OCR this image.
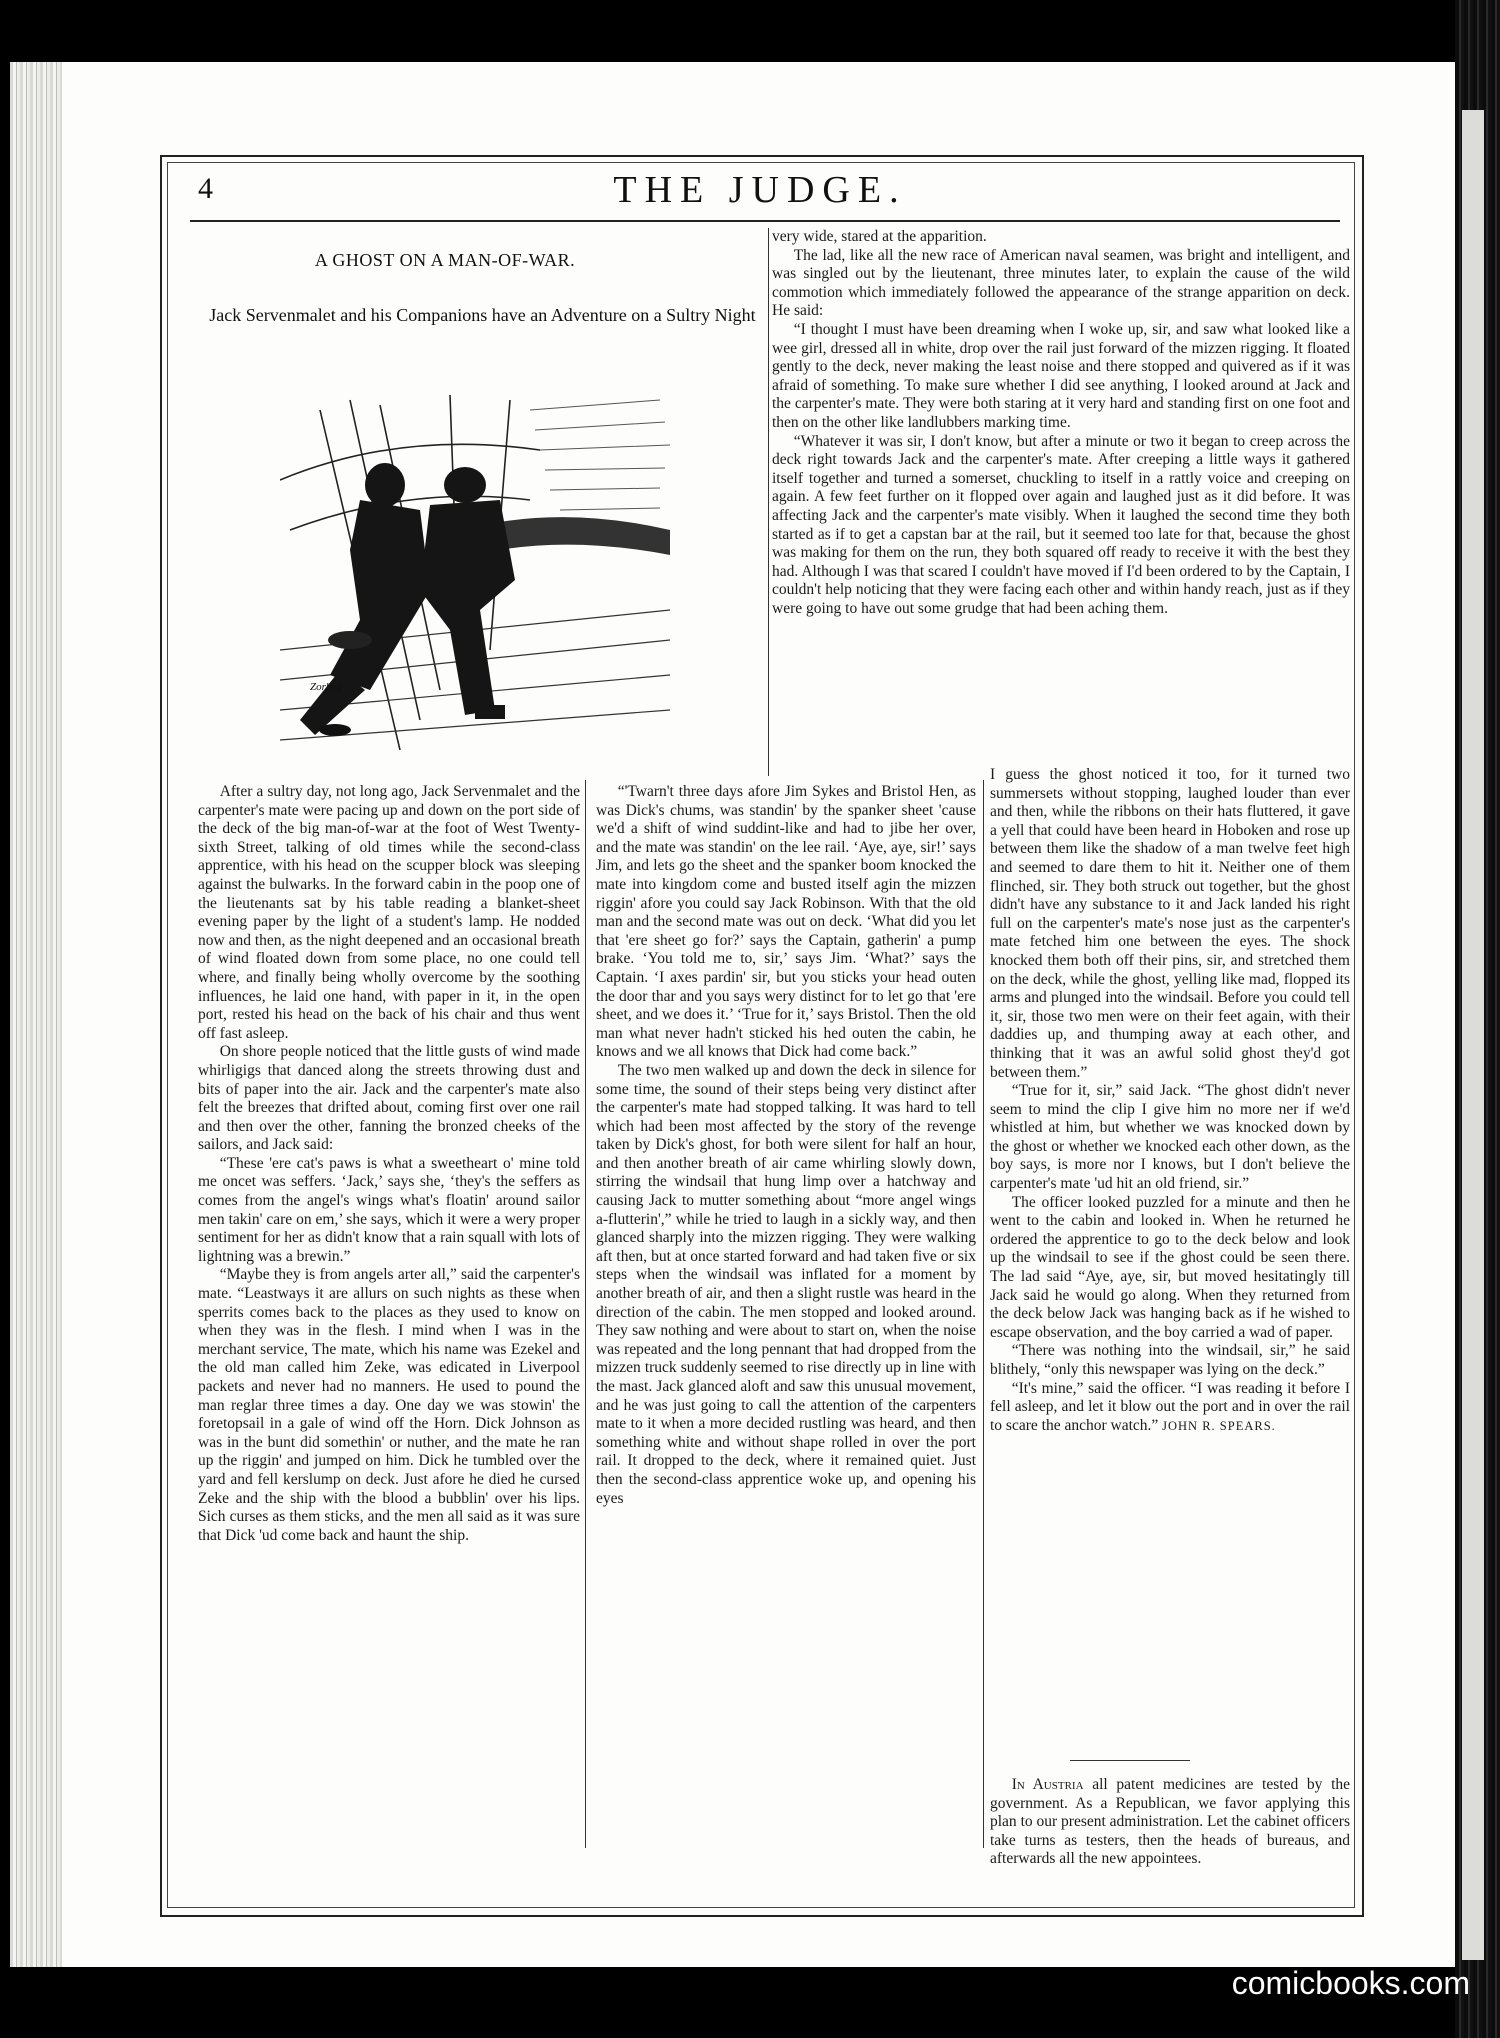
4	THE JUDGE.
A GHOST ON A MAN-OF-WAR.
Jack Servenmalet and his Companions have an Adventure on a Sultry Night
Zorbeg

very wide, stared at the apparition.

The lad, like all the new race of American naval seamen, was bright and intelligent, and was singled out by the lieutenant, three minutes later, to explain the cause of the wild commotion which immediately followed the appearance of the strange apparition on deck. He said:

“I thought I must have been dreaming when I woke up, sir, and saw what looked like a wee girl, dressed all in white, drop over the rail just forward of the mizzen rigging. It floated gently to the deck, never making the least noise and there stopped and quivered as if it was afraid of something. To make sure whether I did see anything, I looked around at Jack and the carpenter's mate. They were both staring at it very hard and standing first on one foot and then on the other like landlubbers marking time.

“Whatever it was sir, I don't know, but after a minute or two it began to creep across the deck right towards Jack and the carpenter's mate. After creeping a little ways it gathered itself together and turned a somerset, chuckling to itself in a rattly voice and creeping on again. A few feet further on it flopped over again and laughed just as it did before. It was affecting Jack and the carpenter's mate visibly. When it laughed the second time they both started as if to get a capstan bar at the rail, but it seemed too late for that, because the ghost was making for them on the run, they both squared off ready to receive it with the best they had. Although I was that scared I couldn't have moved if I'd been ordered to by the Captain, I couldn't help noticing that they were facing each other and within handy reach, just as if they were going to have out some grudge that had been aching them.

After a sultry day, not long ago, Jack Servenmalet and the carpenter's mate were pacing up and down on the port side of the deck of the big man-of-war at the foot of West Twenty-sixth Street, talking of old times while the second-class apprentice, with his head on the scupper block was sleeping against the bulwarks. In the forward cabin in the poop one of the lieutenants sat by his table reading a blanket-sheet evening paper by the light of a student's lamp. He nodded now and then, as the night deepened and an occasional breath of wind floated down from some place, no one could tell where, and finally being wholly overcome by the soothing influences, he laid one hand, with paper in it, in the open port, rested his head on the back of his chair and thus went off fast asleep.

On shore people noticed that the little gusts of wind made whirligigs that danced along the streets throwing dust and bits of paper into the air. Jack and the carpenter's mate also felt the breezes that drifted about, coming first over one rail and then over the other, fanning the bronzed cheeks of the sailors, and Jack said:

“These 'ere cat's paws is what a sweetheart o' mine told me oncet was seffers. ‘Jack,’ says she, ‘they's the seffers as comes from the angel's wings what's floatin' around sailor men takin' care on em,’ she says, which it were a wery proper sentiment for her as didn't know that a rain squall with lots of lightning was a brewin.”

“Maybe they is from angels arter all,” said the carpenter's mate. “Leastways it are allurs on such nights as these when sperrits comes back to the places as they used to know on when they was in the flesh. I mind when I was in the merchant service, The mate, which his name was Ezekel and the old man called him Zeke, was edicated in Liverpool packets and never had no manners. He used to pound the man reglar three times a day. One day we was stowin' the foretopsail in a gale of wind off the Horn. Dick Johnson as was in the bunt did somethin' or nuther, and the mate he ran up the riggin' and jumped on him. Dick he tumbled over the yard and fell kerslump on deck. Just afore he died he cursed Zeke and the ship with the blood a bubblin' over his lips. Sich curses as them sticks, and the men all said as it was sure that Dick 'ud come back and haunt the ship.

“'Twarn't three days afore Jim Sykes and Bristol Hen, as was Dick's chums, was standin' by the spanker sheet 'cause we'd a shift of wind suddint-like and had to jibe her over, and the mate was standin' on the lee rail. ‘Aye, aye, sir!’ says Jim, and lets go the sheet and the spanker boom knocked the mate into kingdom come and busted itself agin the mizzen riggin' afore you could say Jack Robinson. With that the old man and the second mate was out on deck. ‘What did you let that 'ere sheet go for?’ says the Captain, gatherin' a pump brake. ‘You told me to, sir,’ says Jim. ‘What?’ says the Captain. ‘I axes pardin' sir, but you sticks your head outen the door thar and you says wery distinct for to let go that 'ere sheet, and we does it.’ ‘True for it,’ says Bristol. Then the old man what never hadn't sticked his hed outen the cabin, he knows and we all knows that Dick had come back.”

The two men walked up and down the deck in silence for some time, the sound of their steps being very distinct after the carpenter's mate had stopped talking. It was hard to tell which had been most affected by the story of the revenge taken by Dick's ghost, for both were silent for half an hour, and then another breath of air came whirling slowly down, stirring the windsail that hung limp over a hatchway and causing Jack to mutter something about “more angel wings a-flutterin',” while he tried to laugh in a sickly way, and then glanced sharply into the mizzen rigging. They were walking aft then, but at once started forward and had taken five or six steps when the windsail was inflated for a moment by another breath of air, and then a slight rustle was heard in the direction of the cabin. The men stopped and looked around. They saw nothing and were about to start on, when the noise was repeated and the long pennant that had dropped from the mizzen truck suddenly seemed to rise directly up in line with the mast. Jack glanced aloft and saw this unusual movement, and he was just going to call the attention of the carpenters mate to it when a more decided rustling was heard, and then something white and without shape rolled in over the port rail. It dropped to the deck, where it remained quiet. Just then the second-class apprentice woke up, and opening his eyes

I guess the ghost noticed it too, for it turned two summersets without stopping, laughed louder than ever and then, while the ribbons on their hats fluttered, it gave a yell that could have been heard in Hoboken and rose up between them like the shadow of a man twelve feet high and seemed to dare them to hit it. Neither one of them flinched, sir. They both struck out together, but the ghost didn't have any substance to it and Jack landed his right full on the carpenter's mate's nose just as the carpenter's mate fetched him one between the eyes. The shock knocked them both off their pins, sir, and stretched them on the deck, while the ghost, yelling like mad, flopped its arms and plunged into the windsail. Before you could tell it, sir, those two men were on their feet again, with their daddies up, and thumping away at each other, and thinking that it was an awful solid ghost they'd got between them.”

“True for it, sir,” said Jack. “The ghost didn't never seem to mind the clip I give him no more ner if we'd whistled at him, but whether we was knocked down by the ghost or whether we knocked each other down, as the boy says, is more nor I knows, but I don't believe the carpenter's mate 'ud hit an old friend, sir.”

The officer looked puzzled for a minute and then he went to the cabin and looked in. When he returned he ordered the apprentice to go to the deck below and look up the windsail to see if the ghost could be seen there. The lad said “Aye, aye, sir, but moved hesitatingly till Jack said he would go along. When they returned from the deck below Jack was hanging back as if he wished to escape observation, and the boy carried a wad of paper.

“There was nothing into the windsail, sir,” he said blithely, “only this newspaper was lying on the deck.”

“It's mine,” said the officer. “I was reading it before I fell asleep, and let it blow out the port and in over the rail to scare the anchor watch.” JOHN R. SPEARS.

In Austria all patent medicines are tested by the government. As a Republican, we favor applying this plan to our present administration. Let the cabinet officers take turns as testers, then the heads of bureaus, and afterwards all the new appointees.

comicbooks.com
